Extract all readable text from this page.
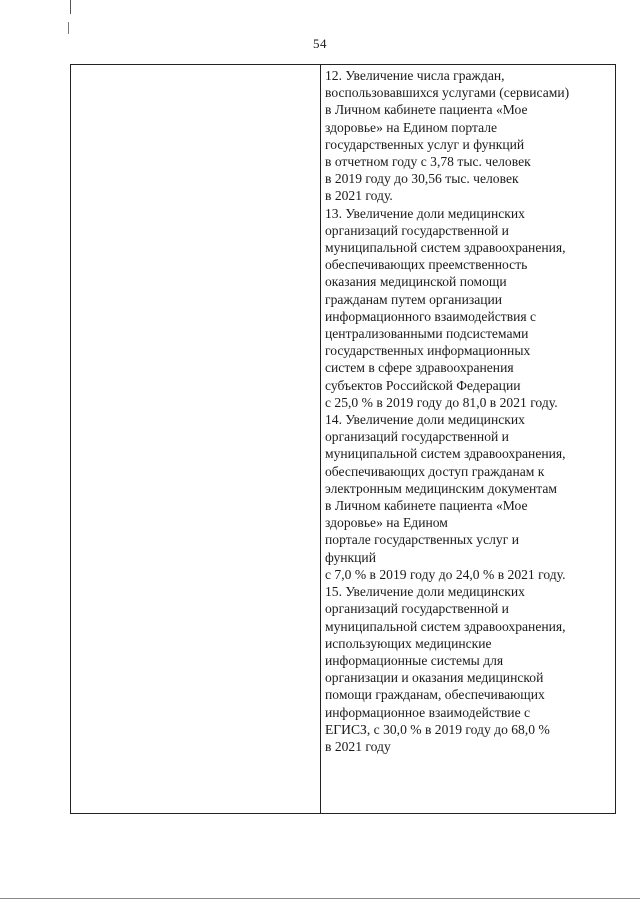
54
12. Увеличение числа граждан,
воспользовавшихся услугами (сервисами)
в Личном кабинете пациента «Мое
здоровье» на Едином портале
государственных услуг и функций
в отчетном году с 3,78 тыс. человек
в 2019 году до 30,56 тыс. человек
в 2021 году.
13. Увеличение доли медицинских
организаций государственной и
муниципальной систем здравоохранения,
обеспечивающих преемственность
оказания медицинской помощи
гражданам путем организации
информационного взаимодействия с
централизованными подсистемами
государственных информационных
систем в сфере здравоохранения
субъектов Российской Федерации
с 25,0 % в 2019 году до 81,0 в 2021 году.
14. Увеличение доли медицинских
организаций государственной и
муниципальной систем здравоохранения,
обеспечивающих доступ гражданам к
электронным медицинским документам
в Личном кабинете пациента «Мое
здоровье» на Едином
портале государственных услуг и
функций
с 7,0 % в 2019 году до 24,0 % в 2021 году.
15. Увеличение доли медицинских
организаций государственной и
муниципальной систем здравоохранения,
использующих медицинские
информационные системы для
организации и оказания медицинской
помощи гражданам, обеспечивающих
информационное взаимодействие с
ЕГИСЗ, с 30,0 % в 2019 году до 68,0 %
в 2021 году
